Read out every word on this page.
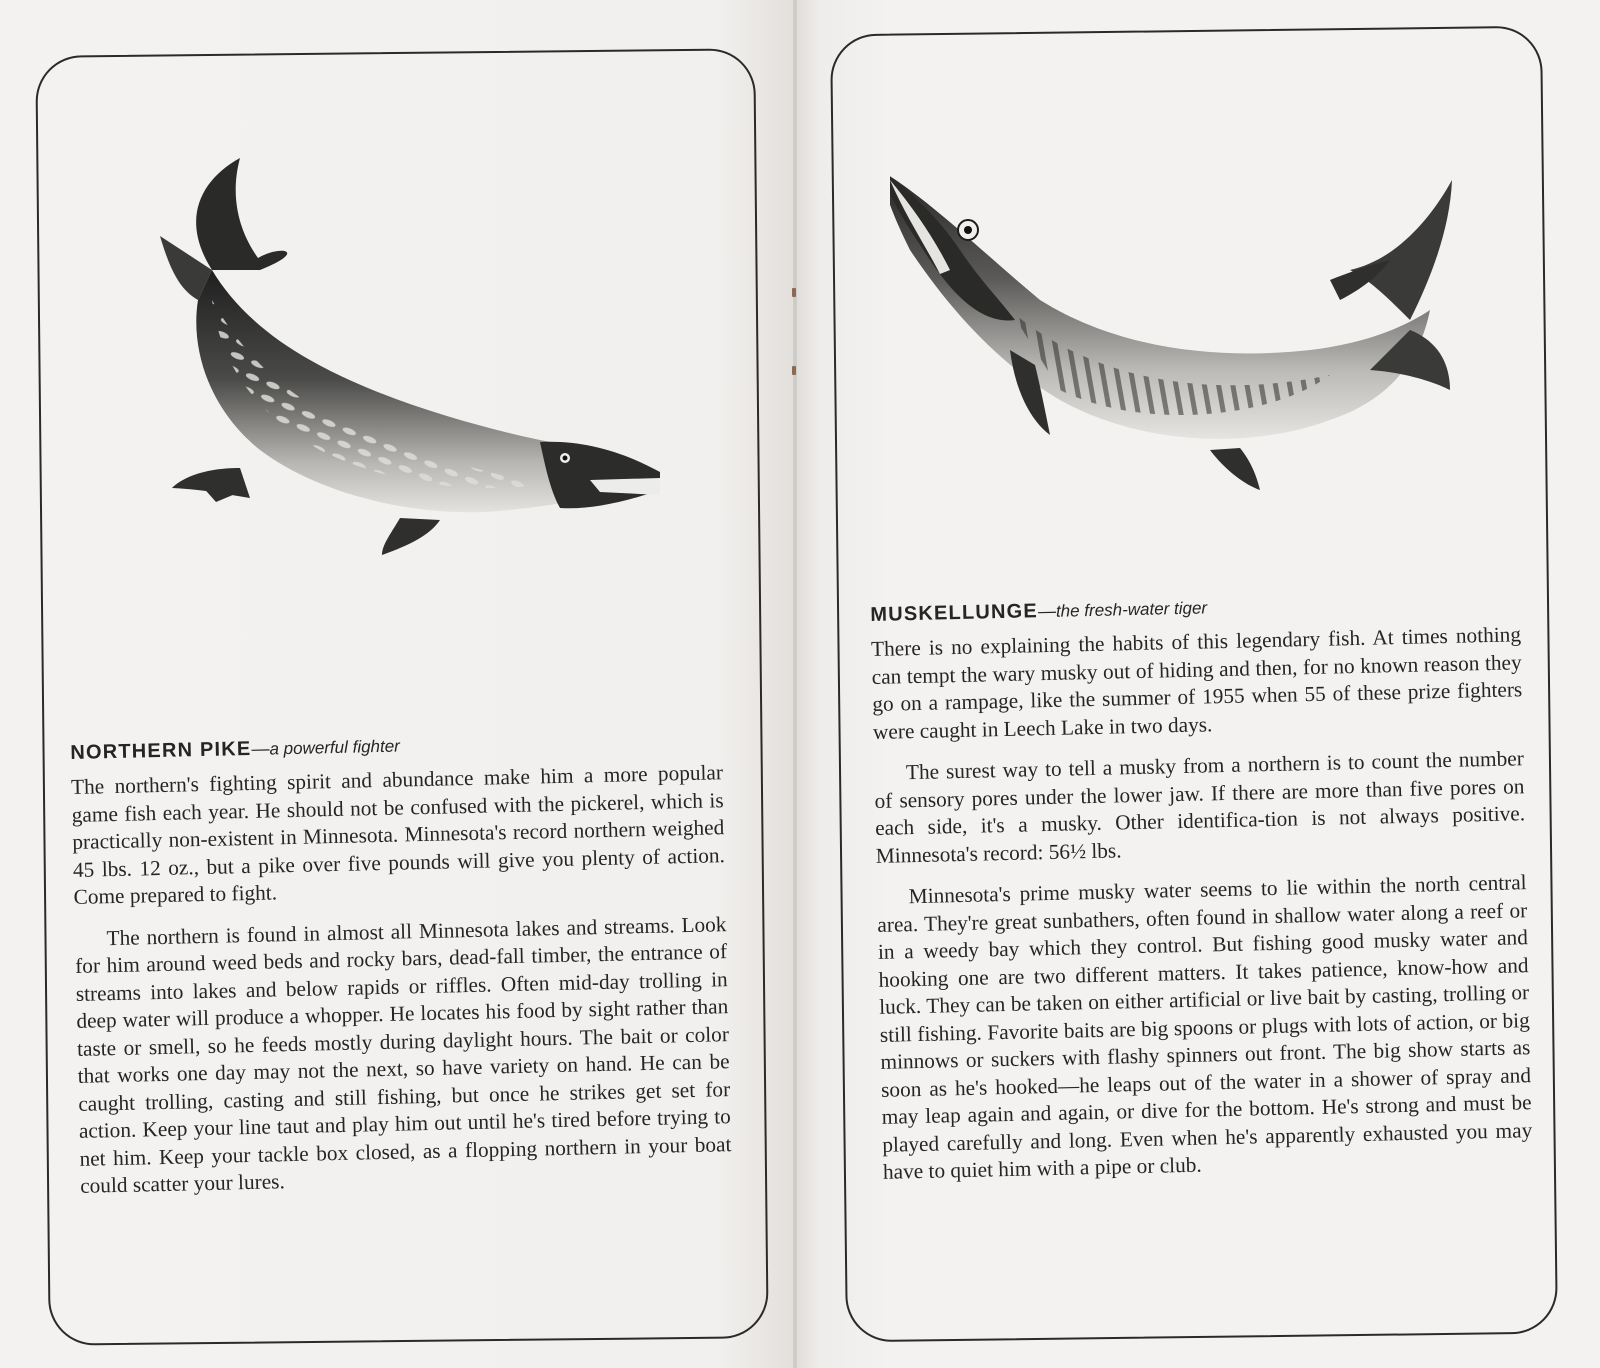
NORTHERN PIKE—a powerful fighter

The northern's fighting spirit and abundance make him a more popular game fish each year. He should not be confused with the pickerel, which is practically non-existent in Minnesota. Minnesota's record northern weighed 45 lbs. 12 oz., but a pike over five pounds will give you plenty of action. Come prepared to fight.

The northern is found in almost all Minnesota lakes and streams. Look for him around weed beds and rocky bars, dead-fall timber, the entrance of streams into lakes and below rapids or riffles. Often mid-day trolling in deep water will produce a whopper. He locates his food by sight rather than taste or smell, so he feeds mostly during daylight hours. The bait or color that works one day may not the next, so have variety on hand. He can be caught trolling, casting and still fishing, but once he strikes get set for action. Keep your line taut and play him out until he's tired before trying to net him. Keep your tackle box closed, as a flopping northern in your boat could scatter your lures.

MUSKELLUNGE—the fresh-water tiger

There is no explaining the habits of this legendary fish. At times nothing can tempt the wary musky out of hiding and then, for no known reason they go on a rampage, like the summer of 1955 when 55 of these prize fighters were caught in Leech Lake in two days.

The surest way to tell a musky from a northern is to count the number of sensory pores under the lower jaw. If there are more than five pores on each side, it's a musky. Other identifica-tion is not always positive. Minnesota's record: 56½ lbs.

Minnesota's prime musky water seems to lie within the north central area. They're great sunbathers, often found in shallow water along a reef or in a weedy bay which they control. But fishing good musky water and hooking one are two different matters. It takes patience, know-how and luck. They can be taken on either artificial or live bait by casting, trolling or still fishing. Favorite baits are big spoons or plugs with lots of action, or big minnows or suckers with flashy spinners out front. The big show starts as soon as he's hooked—he leaps out of the water in a shower of spray and may leap again and again, or dive for the bottom. He's strong and must be played carefully and long. Even when he's apparently exhausted you may have to quiet him with a pipe or club.
